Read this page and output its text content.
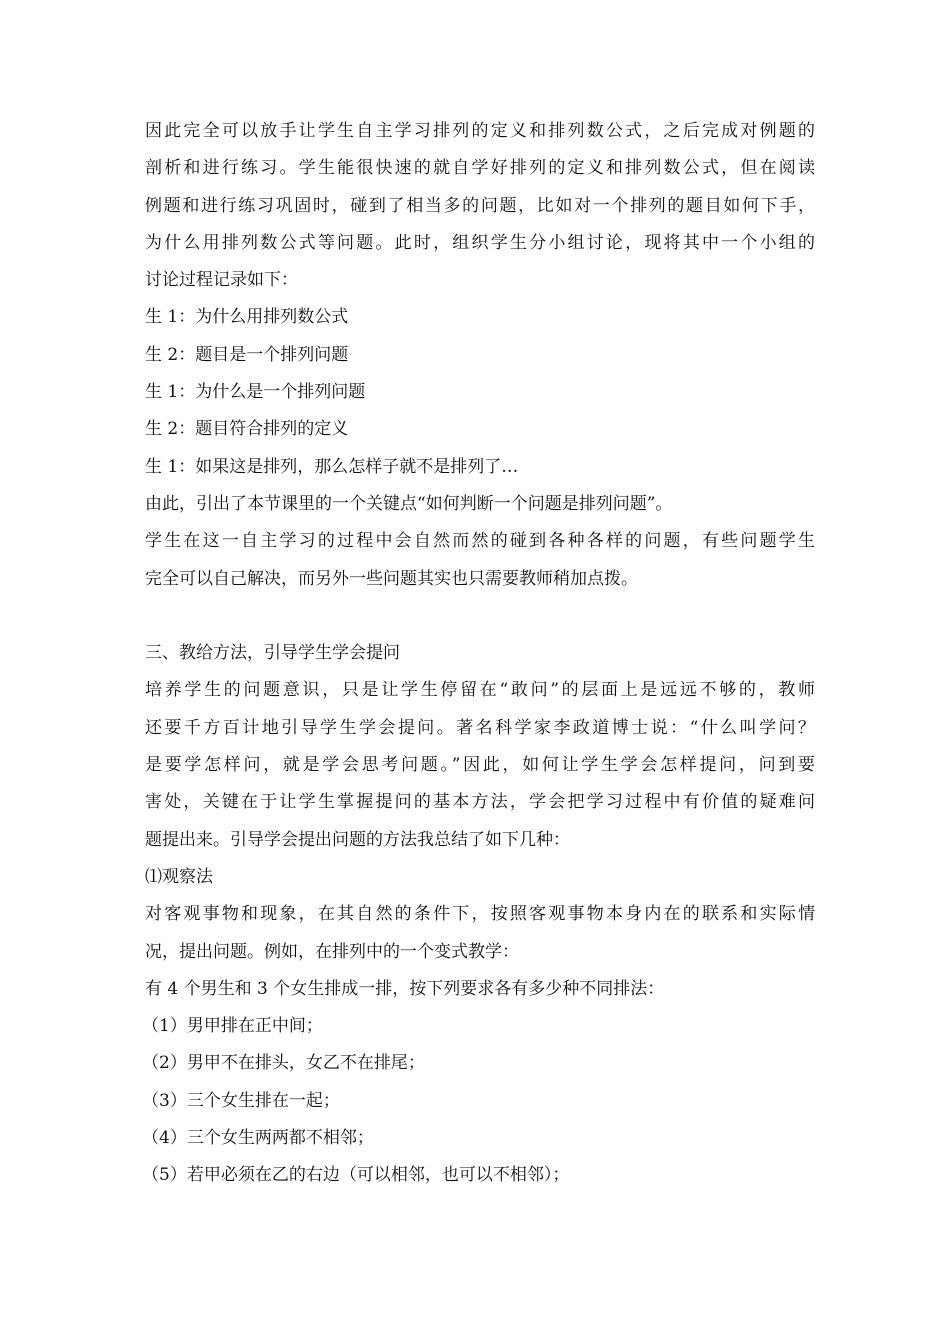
因此完全可以放手让学生自主学习排列的定义和排列数公式，之后完成对例题的

剖析和进行练习。学生能很快速的就自学好排列的定义和排列数公式，但在阅读

例题和进行练习巩固时，碰到了相当多的问题，比如对一个排列的题目如何下手，

为什么用排列数公式等问题。此时，组织学生分小组讨论，现将其中一个小组的

讨论过程记录如下：

生 1：为什么用排列数公式

生 2：题目是一个排列问题

生 1：为什么是一个排列问题

生 2：题目符合排列的定义

生 1：如果这是排列，那么怎样子就不是排列了…

由此，引出了本节课里的一个关键点“如何判断一个问题是排列问题”。

学生在这一自主学习的过程中会自然而然的碰到各种各样的问题，有些问题学生

完全可以自己解决，而另外一些问题其实也只需要教师稍加点拨。

三、教给方法，引导学生学会提问

培养学生的问题意识，只是让学生停留在“敢问”的层面上是远远不够的，教师

还要千方百计地引导学生学会提问。著名科学家李政道博士说：“什么叫学问？

是要学怎样问，就是学会思考问题。”因此，如何让学生学会怎样提问，问到要

害处，关键在于让学生掌握提问的基本方法，学会把学习过程中有价值的疑难问

题提出来。引导学会提出问题的方法我总结了如下几种：

⑴观察法

对客观事物和现象，在其自然的条件下，按照客观事物本身内在的联系和实际情

况，提出问题。例如，在排列中的一个变式教学：

有 4 个男生和 3 个女生排成一排，按下列要求各有多少种不同排法：

（1）男甲排在正中间；

（2）男甲不在排头，女乙不在排尾；

（3）三个女生排在一起；

（4）三个女生两两都不相邻；

（5）若甲必须在乙的右边（可以相邻，也可以不相邻）；
